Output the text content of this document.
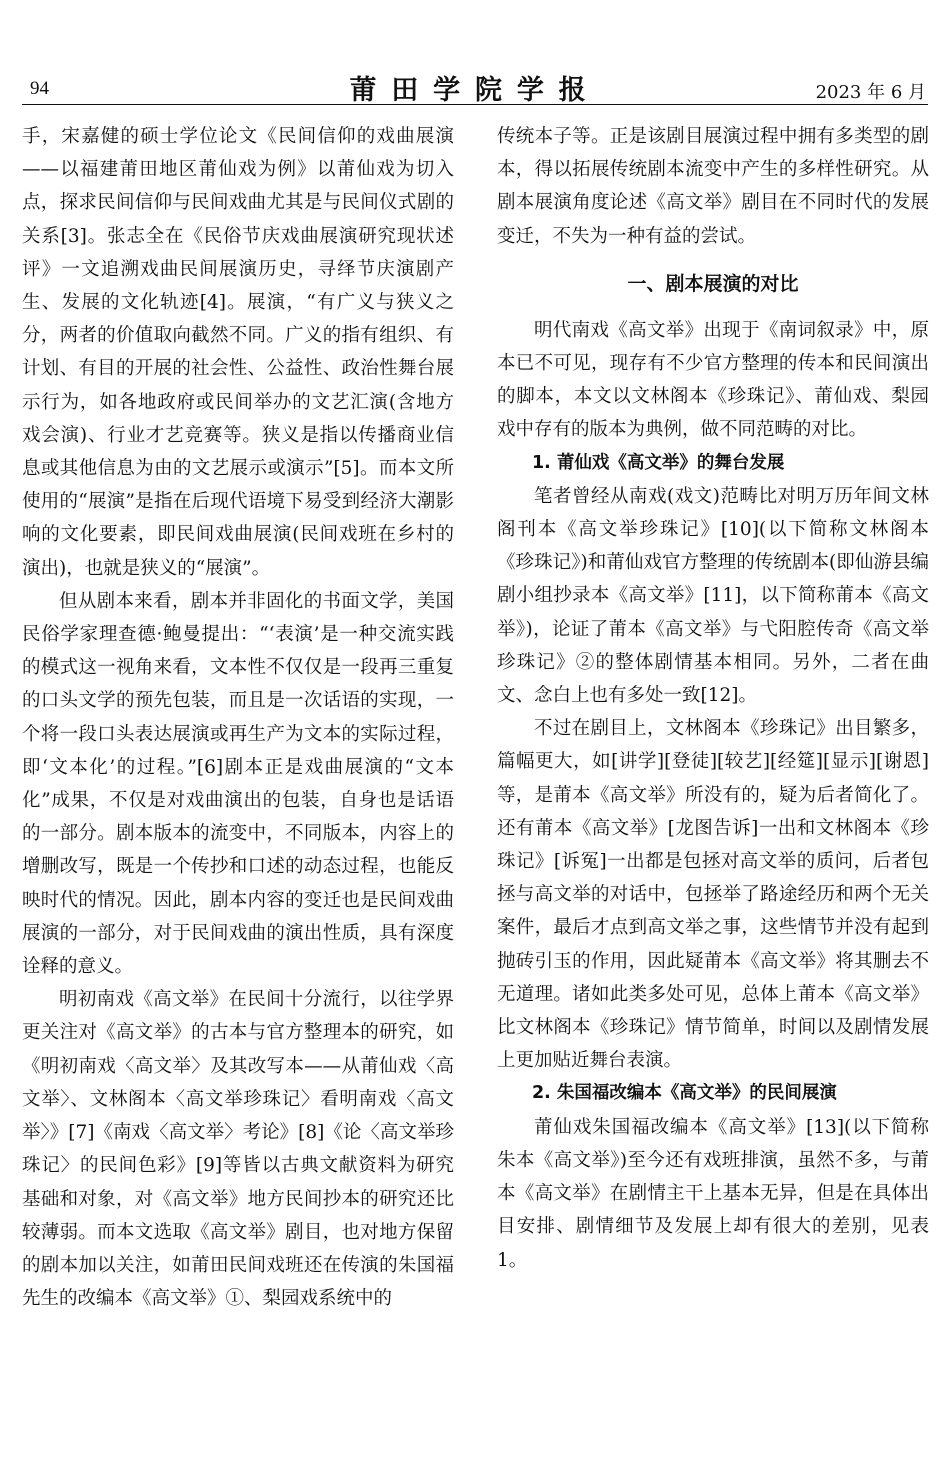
94	莆田学院学报	2023 年 6 月

手，宋嘉健的硕士学位论文《民间信仰的戏曲展演——以福建莆田地区莆仙戏为例》以莆仙戏为切入点，探求民间信仰与民间戏曲尤其是与民间仪式剧的关系[3]。张志全在《民俗节庆戏曲展演研究现状述评》一文追溯戏曲民间展演历史，寻绎节庆演剧产生、发展的文化轨迹[4]。展演，“有广义与狭义之分，两者的价值取向截然不同。广义的指有组织、有计划、有目的开展的社会性、公益性、政治性舞台展示行为，如各地政府或民间举办的文艺汇演(含地方戏会演)、行业才艺竞赛等。狭义是指以传播商业信息或其他信息为由的文艺展示或演示”[5]。而本文所使用的“展演”是指在后现代语境下易受到经济大潮影响的文化要素，即民间戏曲展演(民间戏班在乡村的演出)，也就是狭义的“展演”。

但从剧本来看，剧本并非固化的书面文学，美国民俗学家理查德·鲍曼提出：“‘表演’是一种交流实践的模式这一视角来看，文本性不仅仅是一段再三重复的口头文学的预先包装，而且是一次话语的实现，一个将一段口头表达展演或再生产为文本的实际过程，即‘文本化’的过程。”[6]剧本正是戏曲展演的“文本化”成果，不仅是对戏曲演出的包装，自身也是话语的一部分。剧本版本的流变中，不同版本，内容上的增删改写，既是一个传抄和口述的动态过程，也能反映时代的情况。因此，剧本内容的变迁也是民间戏曲展演的一部分，对于民间戏曲的演出性质，具有深度诠释的意义。

明初南戏《高文举》在民间十分流行，以往学界更关注对《高文举》的古本与官方整理本的研究，如《明初南戏〈高文举〉及其改写本——从莆仙戏〈高文举〉、文林阁本〈高文举珍珠记〉看明南戏〈高文举〉》[7]《南戏〈高文举〉考论》[8]《论〈高文举珍珠记〉的民间色彩》[9]等皆以古典文献资料为研究基础和对象，对《高文举》地方民间抄本的研究还比较薄弱。而本文选取《高文举》剧目，也对地方保留的剧本加以关注，如莆田民间戏班还在传演的朱国福先生的改编本《高文举》①、梨园戏系统中的

传统本子等。正是该剧目展演过程中拥有多类型的剧本，得以拓展传统剧本流变中产生的多样性研究。从剧本展演角度论述《高文举》剧目在不同时代的发展变迁，不失为一种有益的尝试。

一、剧本展演的对比

明代南戏《高文举》出现于《南词叙录》中，原本已不可见，现存有不少官方整理的传本和民间演出的脚本，本文以文林阁本《珍珠记》、莆仙戏、梨园戏中存有的版本为典例，做不同范畴的对比。

1. 莆仙戏《高文举》的舞台发展

笔者曾经从南戏(戏文)范畴比对明万历年间文林阁刊本《高文举珍珠记》[10](以下简称文林阁本《珍珠记》)和莆仙戏官方整理的传统剧本(即仙游县编剧小组抄录本《高文举》[11]，以下简称莆本《高文举》)，论证了莆本《高文举》与弋阳腔传奇《高文举珍珠记》②的整体剧情基本相同。另外，二者在曲文、念白上也有多处一致[12]。

不过在剧目上，文林阁本《珍珠记》出目繁多，篇幅更大，如[讲学][登徒][较艺][经筵][显示][谢恩]等，是莆本《高文举》所没有的，疑为后者简化了。还有莆本《高文举》[龙图告诉]一出和文林阁本《珍珠记》[诉冤]一出都是包拯对高文举的质问，后者包拯与高文举的对话中，包拯举了路途经历和两个无关案件，最后才点到高文举之事，这些情节并没有起到抛砖引玉的作用，因此疑莆本《高文举》将其删去不无道理。诸如此类多处可见，总体上莆本《高文举》比文林阁本《珍珠记》情节简单，时间以及剧情发展上更加贴近舞台表演。

2. 朱国福改编本《高文举》的民间展演

莆仙戏朱国福改编本《高文举》[13](以下简称朱本《高文举》)至今还有戏班排演，虽然不多，与莆本《高文举》在剧情主干上基本无异，但是在具体出目安排、剧情细节及发展上却有很大的差别，见表1。
